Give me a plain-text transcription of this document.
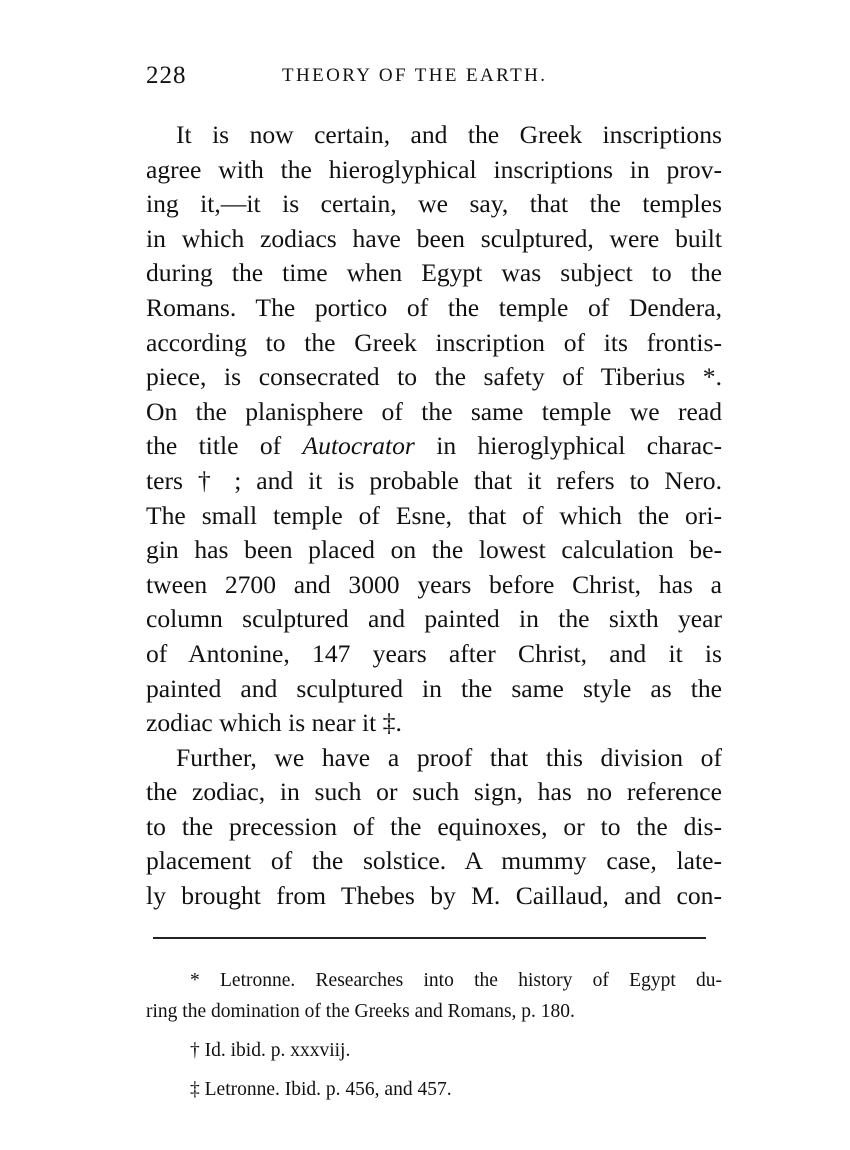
228	THEORY OF THE EARTH.
It is now certain, and the Greek inscriptions
agree with the hieroglyphical inscriptions in prov-
ing it,—it is certain, we say, that the temples
in which zodiacs have been sculptured, were built
during the time when Egypt was subject to the
Romans. The portico of the temple of Dendera,
according to the Greek inscription of its frontis-
piece, is consecrated to the safety of Tiberius *.
On the planisphere of the same temple we read
the title of Autocrator in hieroglyphical charac-
ters † ; and it is probable that it refers to Nero.
The small temple of Esne, that of which the ori-
gin has been placed on the lowest calculation be-
tween 2700 and 3000 years before Christ, has a
column sculptured and painted in the sixth year
of Antonine, 147 years after Christ, and it is
painted and sculptured in the same style as the
zodiac which is near it ‡.
Further, we have a proof that this division of
the zodiac, in such or such sign, has no reference
to the precession of the equinoxes, or to the dis-
placement of the solstice. A mummy case, late-
ly brought from Thebes by M. Caillaud, and con-
* Letronne. Researches into the history of Egypt du-
ring the domination of the Greeks and Romans, p. 180.
† Id. ibid. p. xxxviij.
‡ Letronne. Ibid. p. 456, and 457.
